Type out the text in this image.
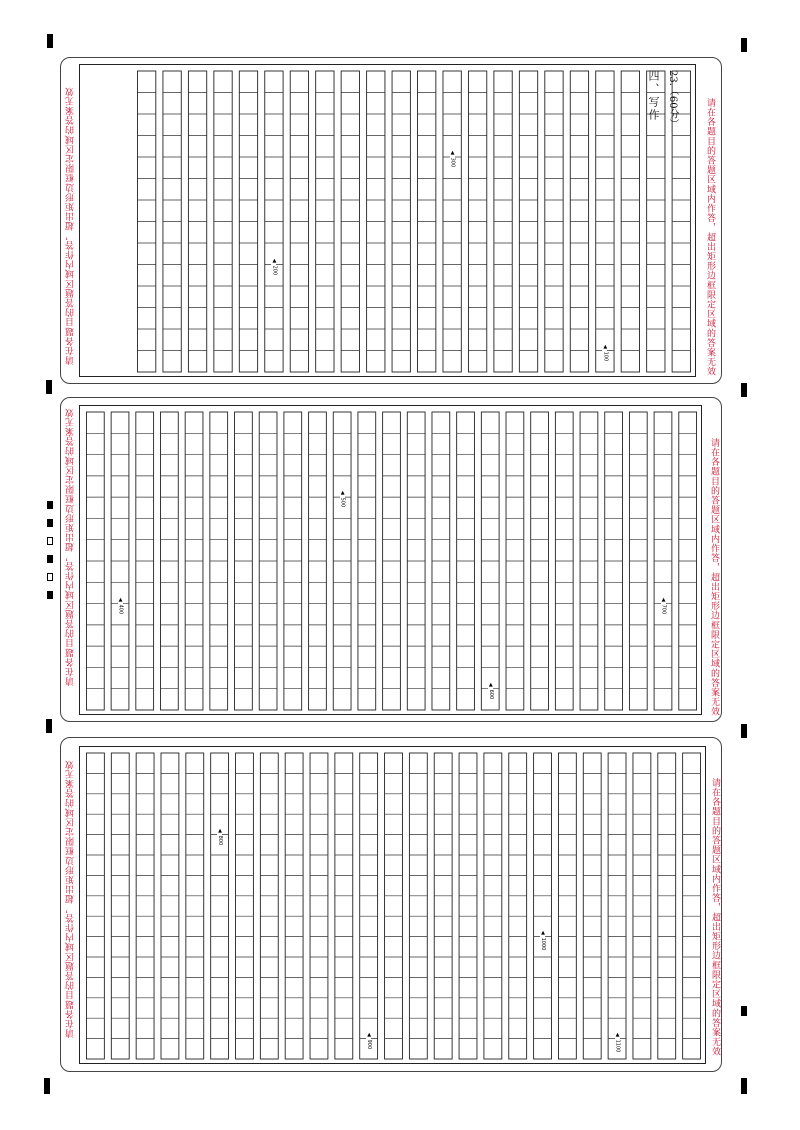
请在各题目的答题区域内作答，超出矩形边框限定区域的答案无效	▲ 100
▲ 200
▲ 300
四、写作 23.（60分）	请在各题目的答题区域内作答，超出矩形边框限定区域的答案无效
请在各题目的答题区域内作答，超出矩形边框限定区域的答案无效	▲ 400
▲ 500
▲ 600
▲ 700	请在各题目的答题区域内作答，超出矩形边框限定区域的答案无效
请在各题目的答题区域内作答，超出矩形边框限定区域的答案无效	▲ 800
▲ 900
▲ 1000
▲ 1100	请在各题目的答题区域内作答，超出矩形边框限定区域的答案无效
